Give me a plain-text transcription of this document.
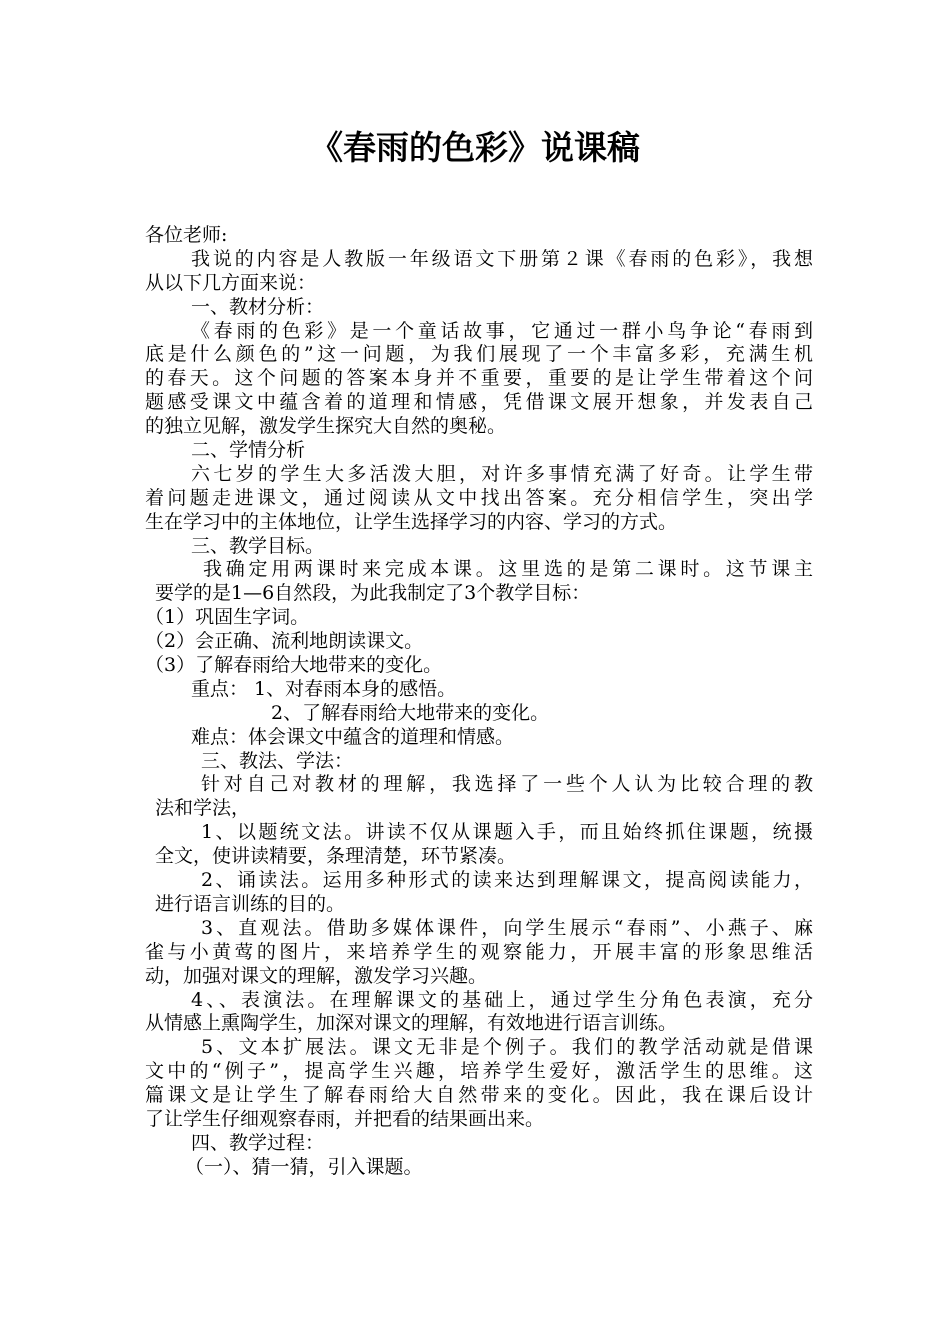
《春雨的色彩》说课稿
各位老师:
我说的内容是人教版一年级语文下册第２课《春雨的色彩》，我想
从以下几方面来说：
一、教材分析：
《春雨的色彩》是一个童话故事，它通过一群小鸟争论“春雨到
底是什么颜色的”这一问题，为我们展现了一个丰富多彩，充满生机
的春天。这个问题的答案本身并不重要，重要的是让学生带着这个问
题感受课文中蕴含着的道理和情感，凭借课文展开想象，并发表自己
的独立见解，激发学生探究大自然的奥秘。
二、学情分析
六七岁的学生大多活泼大胆，对许多事情充满了好奇。让学生带
着问题走进课文，通过阅读从文中找出答案。充分相信学生，突出学
生在学习中的主体地位，让学生选择学习的内容、学习的方式。
三、教学目标。
我确定用两课时来完成本课。这里选的是第二课时。这节课主
要学的是1—6自然段，为此我制定了3个教学目标：
（1）巩固生字词。
（2）会正确、流利地朗读课文。
（3）了解春雨给大地带来的变化。
重点： 1、对春雨本身的感悟。
2、了解春雨给大地带来的变化。
难点：体会课文中蕴含的道理和情感。
三、教法、学法：
针对自己对教材的理解，我选择了一些个人认为比较合理的教
法和学法，
1、以题统文法。讲读不仅从课题入手，而且始终抓住课题，统摄
全文，使讲读精要，条理清楚，环节紧凑。
2、诵读法。运用多种形式的读来达到理解课文，提高阅读能力，
进行语言训练的目的。
3、直观法。借助多媒体课件，向学生展示“春雨”、小燕子、麻
雀与小黄莺的图片，来培养学生的观察能力，开展丰富的形象思维活
动，加强对课文的理解，激发学习兴趣。
4、、表演法。在理解课文的基础上，通过学生分角色表演，充分
从情感上熏陶学生，加深对课文的理解，有效地进行语言训练。
5、文本扩展法。课文无非是个例子。我们的教学活动就是借课
文中的“例子”，提高学生兴趣，培养学生爱好，激活学生的思维。这
篇课文是让学生了解春雨给大自然带来的变化。因此，我在课后设计
了让学生仔细观察春雨，并把看的结果画出来。
四、教学过程：
（一）、猜一猜，引入课题。
